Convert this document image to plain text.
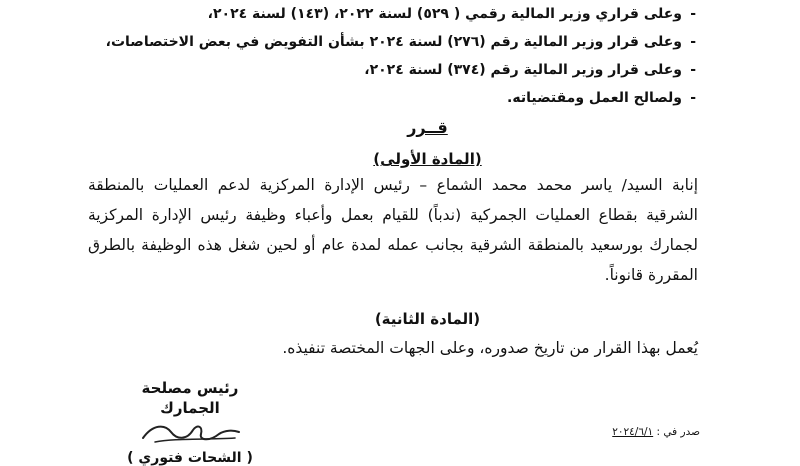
- وعلى قراري وزير المالية رقمي ( ٥٢٩) لسنة ٢٠٢٢، (١٤٣) لسنة ٢٠٢٤،
- وعلى قرار وزير المالية رقم (٢٧٦) لسنة ٢٠٢٤ بشأن التفويض في بعض الاختصاصات،
- وعلى قرار وزير المالية رقم (٣٧٤) لسنة ٢٠٢٤،
- ولصالح العمل ومقتضياته.
قــرر
(المادة الأولى)
إنابة السيد/ ياسر محمد محمد الشماع – رئيس الإدارة المركزية لدعم العمليات بالمنطقة الشرقية بقطاع العمليات الجمركية (ندباً) للقيام بعمل وأعباء وظيفة رئيس الإدارة المركزية لجمارك بورسعيد بالمنطقة الشرقية بجانب عمله لمدة عام أو لحين شغل هذه الوظيفة بالطرق المقررة قانوناً.
(المادة الثانية)
يُعمل بهذا القرار من تاريخ صدوره، وعلى الجهات المختصة تنفيذه.
رئيس مصلحة الجمارك
( الشحات فتوري )
صدر في : ٢٠٢٤/٦/١
